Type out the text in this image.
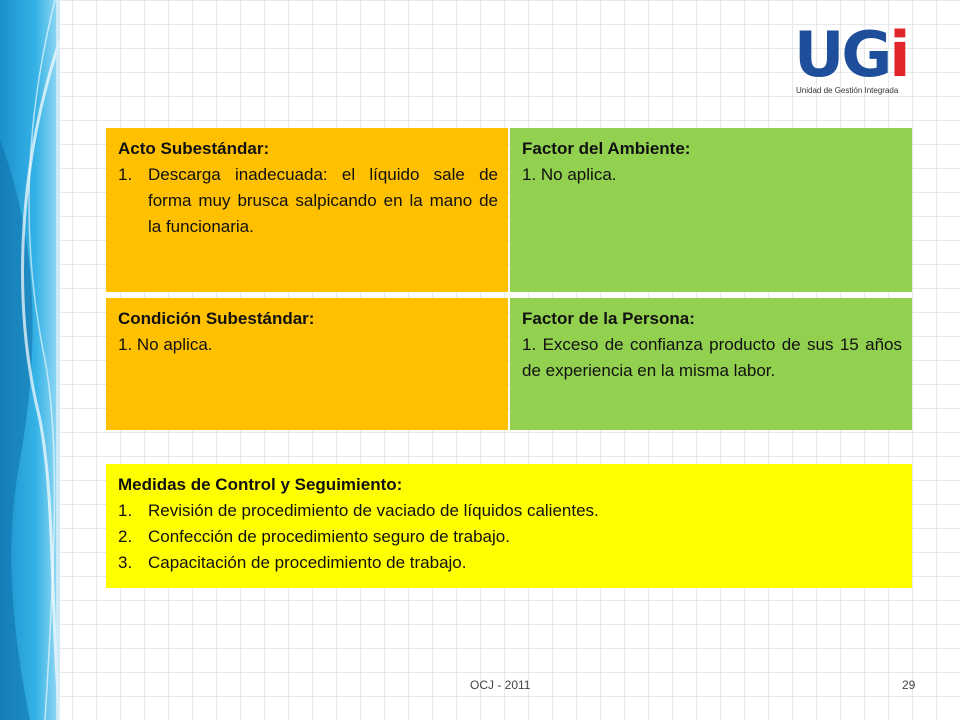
UGi
Unidad de Gestión Integrada
Acto Subestándar:
1. Descarga inadecuada: el líquido sale de forma muy brusca salpicando en la mano de la funcionaria.
Factor del Ambiente:
1. No aplica.
Condición Subestándar:
1. No aplica.
Factor de la Persona:
1. Exceso de confianza producto de sus 15 años de experiencia en la misma labor.
Medidas de Control y Seguimiento:
1. Revisión de procedimiento de vaciado de líquidos calientes.
2. Confección de procedimiento seguro de trabajo.
3. Capacitación de procedimiento de trabajo.
OCJ - 2011	29
